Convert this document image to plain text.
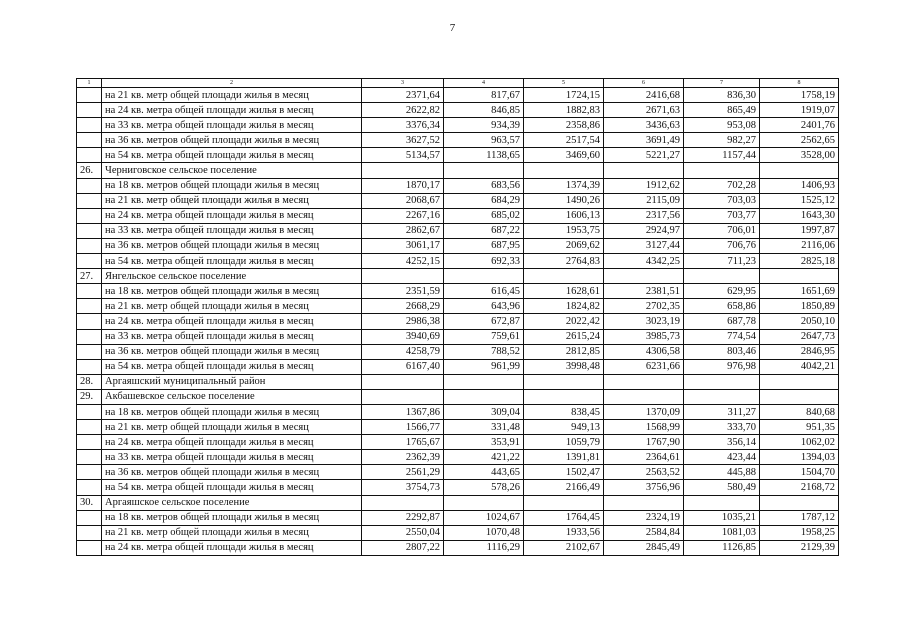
7
1	2	3	4	5	6	7	8
	на 21 кв. метр общей площади жилья в месяц	2371,64	817,67	1724,15	2416,68	836,30	1758,19
	на 24 кв. метра общей площади жилья в месяц	2622,82	846,85	1882,83	2671,63	865,49	1919,07
	на 33 кв. метра общей площади жилья в месяц	3376,34	934,39	2358,86	3436,63	953,08	2401,76
	на 36 кв. метров общей площади жилья в месяц	3627,52	963,57	2517,54	3691,49	982,27	2562,65
	на 54 кв. метра общей площади жилья в месяц	5134,57	1138,65	3469,60	5221,27	1157,44	3528,00
26.	Черниговское сельское поселение						
	на 18 кв. метров общей площади жилья в месяц	1870,17	683,56	1374,39	1912,62	702,28	1406,93
	на 21 кв. метр общей площади жилья в месяц	2068,67	684,29	1490,26	2115,09	703,03	1525,12
	на 24 кв. метра общей площади жилья в месяц	2267,16	685,02	1606,13	2317,56	703,77	1643,30
	на 33 кв. метра общей площади жилья в месяц	2862,67	687,22	1953,75	2924,97	706,01	1997,87
	на 36 кв. метров общей площади жилья в месяц	3061,17	687,95	2069,62	3127,44	706,76	2116,06
	на 54 кв. метра общей площади жилья в месяц	4252,15	692,33	2764,83	4342,25	711,23	2825,18
27.	Янгельское сельское поселение						
	на 18 кв. метров общей площади жилья в месяц	2351,59	616,45	1628,61	2381,51	629,95	1651,69
	на 21 кв. метр общей площади жилья в месяц	2668,29	643,96	1824,82	2702,35	658,86	1850,89
	на 24 кв. метра общей площади жилья в месяц	2986,38	672,87	2022,42	3023,19	687,78	2050,10
	на 33 кв. метра общей площади жилья в месяц	3940,69	759,61	2615,24	3985,73	774,54	2647,73
	на 36 кв. метров общей площади жилья в месяц	4258,79	788,52	2812,85	4306,58	803,46	2846,95
	на 54 кв. метра общей площади жилья в месяц	6167,40	961,99	3998,48	6231,66	976,98	4042,21
28.	Аргаяшский муниципальный район						
29.	Акбашевское сельское поселение						
	на 18 кв. метров общей площади жилья в месяц	1367,86	309,04	838,45	1370,09	311,27	840,68
	на 21 кв. метр общей площади жилья в месяц	1566,77	331,48	949,13	1568,99	333,70	951,35
	на 24 кв. метра общей площади жилья в месяц	1765,67	353,91	1059,79	1767,90	356,14	1062,02
	на 33 кв. метра общей площади жилья в месяц	2362,39	421,22	1391,81	2364,61	423,44	1394,03
	на 36 кв. метров общей площади жилья в месяц	2561,29	443,65	1502,47	2563,52	445,88	1504,70
	на 54 кв. метра общей площади жилья в месяц	3754,73	578,26	2166,49	3756,96	580,49	2168,72
30.	Аргаяшское сельское поселение						
	на 18 кв. метров общей площади жилья в месяц	2292,87	1024,67	1764,45	2324,19	1035,21	1787,12
	на 21 кв. метр общей площади жилья в месяц	2550,04	1070,48	1933,56	2584,84	1081,03	1958,25
	на 24 кв. метра общей площади жилья в месяц	2807,22	1116,29	2102,67	2845,49	1126,85	2129,39
